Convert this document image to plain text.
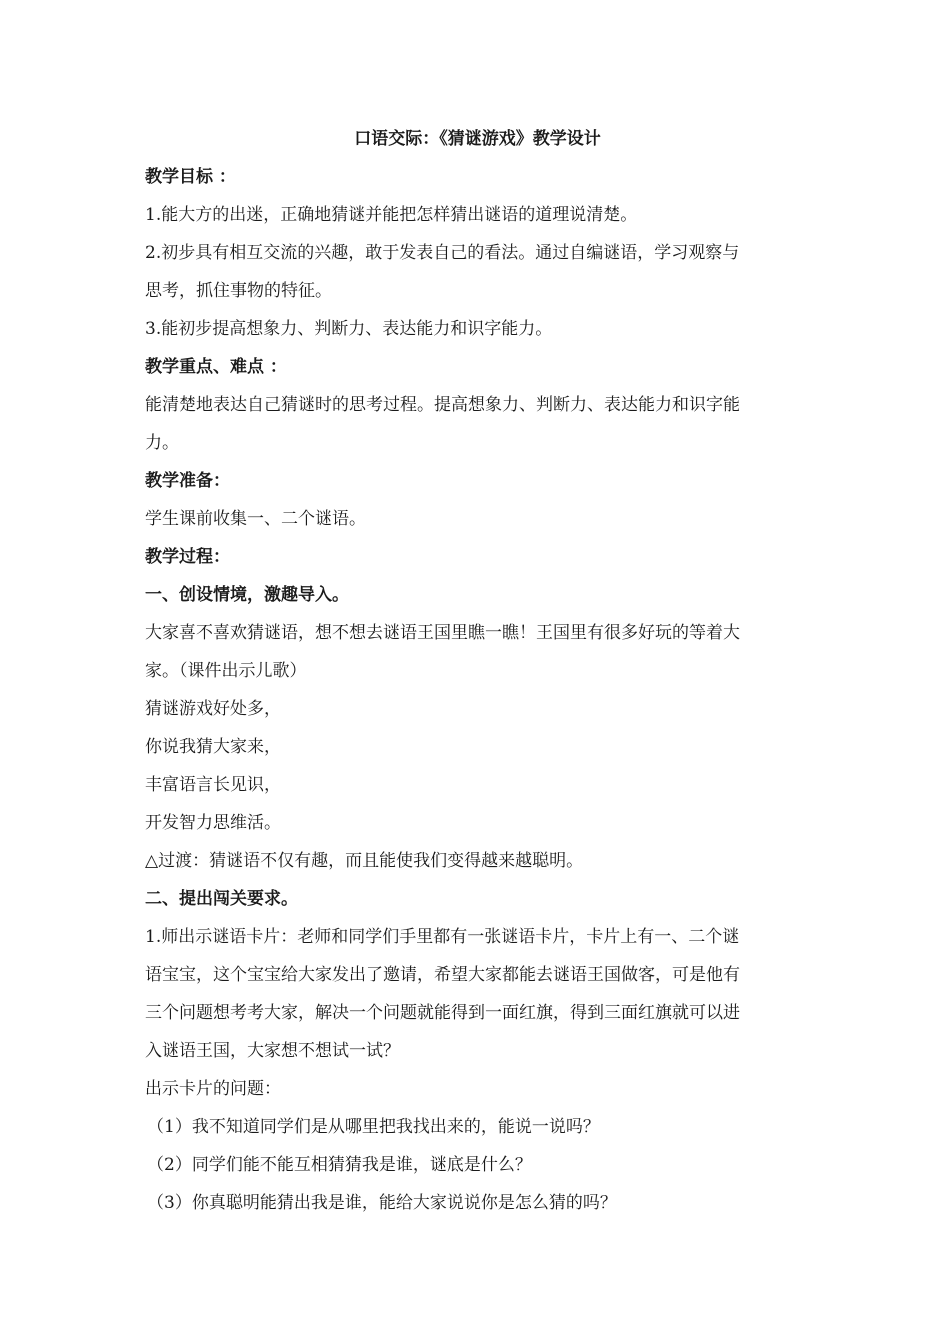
口语交际：《猜谜游戏》教学设计

教学目标 ：

1.能大方的出迷，正确地猜谜并能把怎样猜出谜语的道理说清楚。

2.初步具有相互交流的兴趣，敢于发表自己的看法。通过自编谜语，学习观察与

思考，抓住事物的特征。

3.能初步提高想象力、判断力、表达能力和识字能力。

教学重点、难点 ：

能清楚地表达自己猜谜时的思考过程。提高想象力、判断力、表达能力和识字能

力。

教学准备：

学生课前收集一、二个谜语。

教学过程：

一、创设情境，激趣导入。

大家喜不喜欢猜谜语，想不想去谜语王国里瞧一瞧！王国里有很多好玩的等着大

家。（课件出示儿歌）

猜谜游戏好处多，

你说我猜大家来，

丰富语言长见识，

开发智力思维活。

△过渡：猜谜语不仅有趣，而且能使我们变得越来越聪明。

二、提出闯关要求。

1.师出示谜语卡片：老师和同学们手里都有一张谜语卡片，卡片上有一、二个谜

语宝宝，这个宝宝给大家发出了邀请，希望大家都能去谜语王国做客，可是他有

三个问题想考考大家，解决一个问题就能得到一面红旗，得到三面红旗就可以进

入谜语王国，大家想不想试一试？

出示卡片的问题：

（1）我不知道同学们是从哪里把我找出来的，能说一说吗？

（2）同学们能不能互相猜猜我是谁，谜底是什么？

（3）你真聪明能猜出我是谁，能给大家说说你是怎么猜的吗？
